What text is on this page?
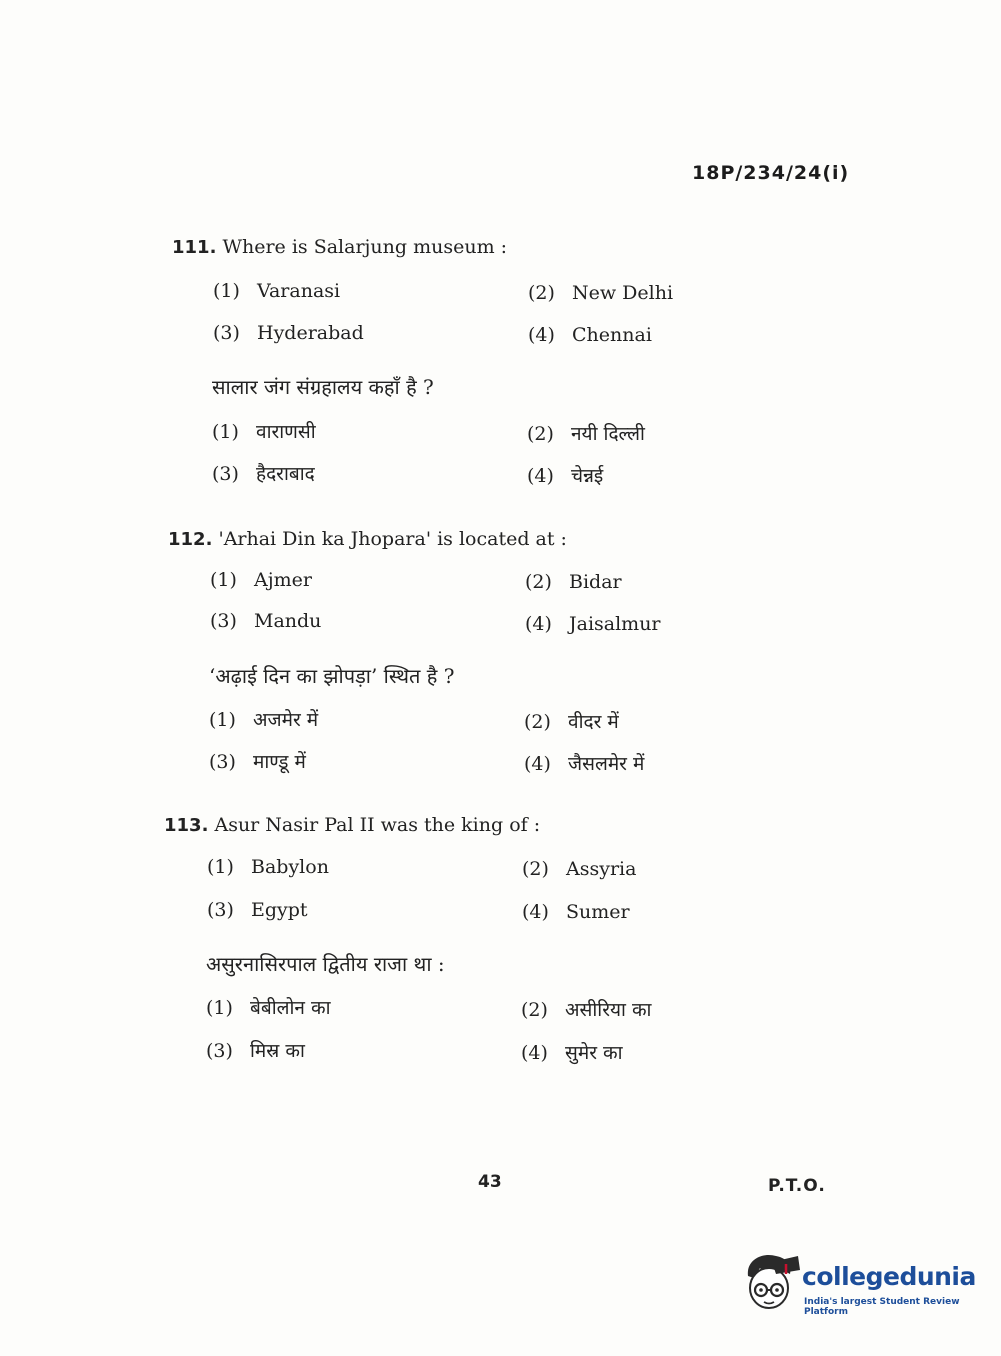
18P/234/24(i)
111. Where is Salarjung museum :
(1) Varanasi	(2) New Delhi
(3) Hyderabad	(4) Chennai
सालार जंग संग्रहालय कहाँ है ?
(1) वाराणसी	(2) नयी दिल्ली
(3) हैदराबाद	(4) चेन्नई
112. 'Arhai Din ka Jhopara' is located at :
(1) Ajmer	(2) Bidar
(3) Mandu	(4) Jaisalmur
‘अढ़ाई दिन का झोपड़ा’ स्थित है ?
(1) अजमेर में	(2) वीदर में
(3) माण्डू में	(4) जैसलमेर में
113. Asur Nasir Pal II was the king of :
(1) Babylon	(2) Assyria
(3) Egypt	(4) Sumer
असुरनासिरपाल द्वितीय राजा था :
(1) बेबीलोन का	(2) असीरिया का
(3) मिस्र का	(4) सुमेर का
43	P.T.O.
collegedunia
India's largest Student Review Platform
